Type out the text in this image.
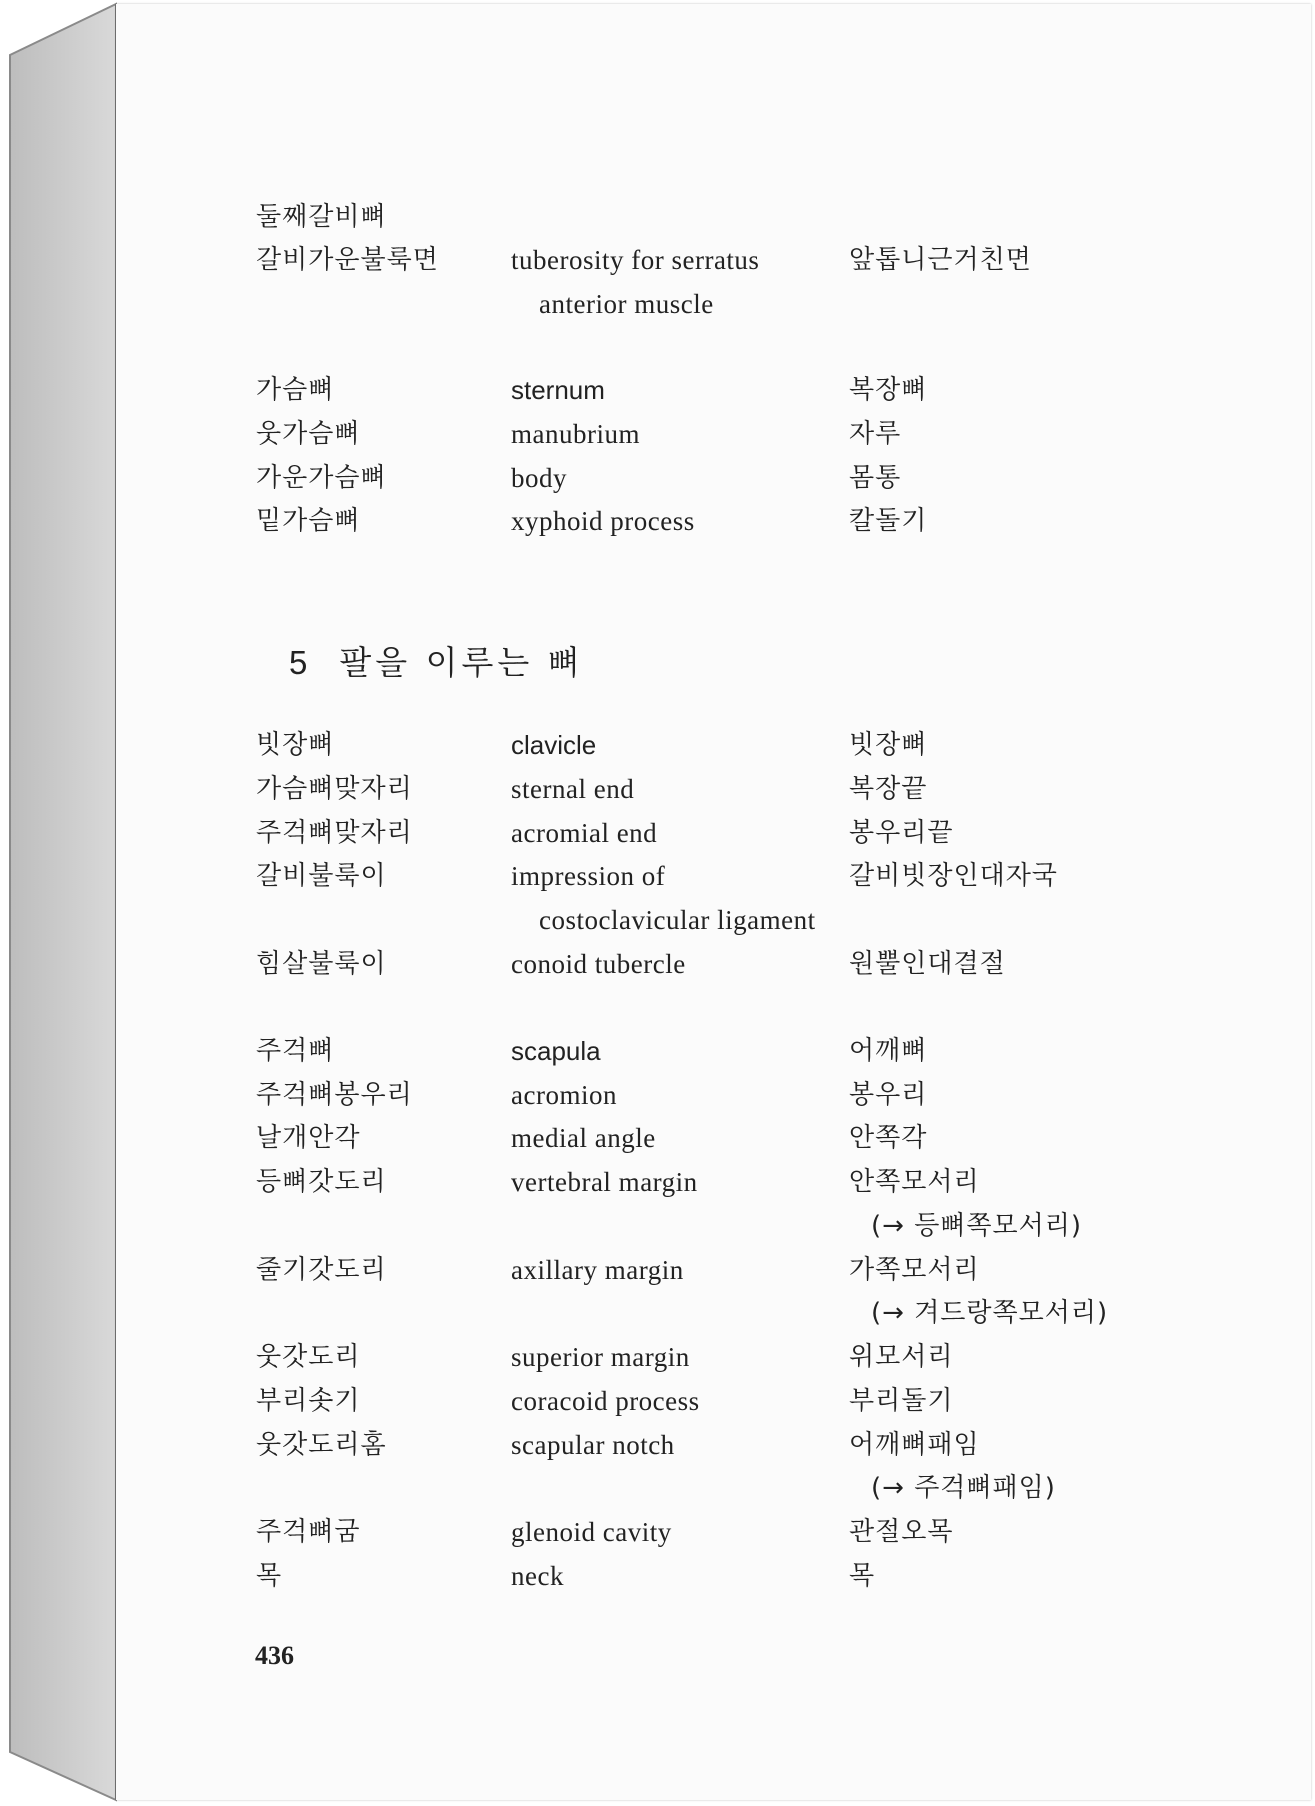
둘째갈비뼈
갈비가운불룩면	tuberosity for serratus	앞톱니근거친면
anterior muscle
가슴뼈	sternum	복장뼈
웃가슴뼈	manubrium	자루
가운가슴뼈	body	몸통
밑가슴뼈	xyphoid process	칼돌기
5 팔을 이루는 뼈
빗장뼈	clavicle	빗장뼈
가슴뼈맞자리	sternal end	복장끝
주걱뼈맞자리	acromial end	봉우리끝
갈비불룩이	impression of	갈비빗장인대자국
costoclavicular ligament
힘살불룩이	conoid tubercle	원뿔인대결절
주걱뼈	scapula	어깨뼈
주걱뼈봉우리	acromion	봉우리
날개안각	medial angle	안쪽각
등뼈갓도리	vertebral margin	안쪽모서리
(→ 등뼈쪽모서리)
줄기갓도리	axillary margin	가쪽모서리
(→ 겨드랑쪽모서리)
웃갓도리	superior margin	위모서리
부리솟기	coracoid process	부리돌기
웃갓도리홈	scapular notch	어깨뼈패임
(→ 주걱뼈패임)
주걱뼈굼	glenoid cavity	관절오목
목	neck	목
436
